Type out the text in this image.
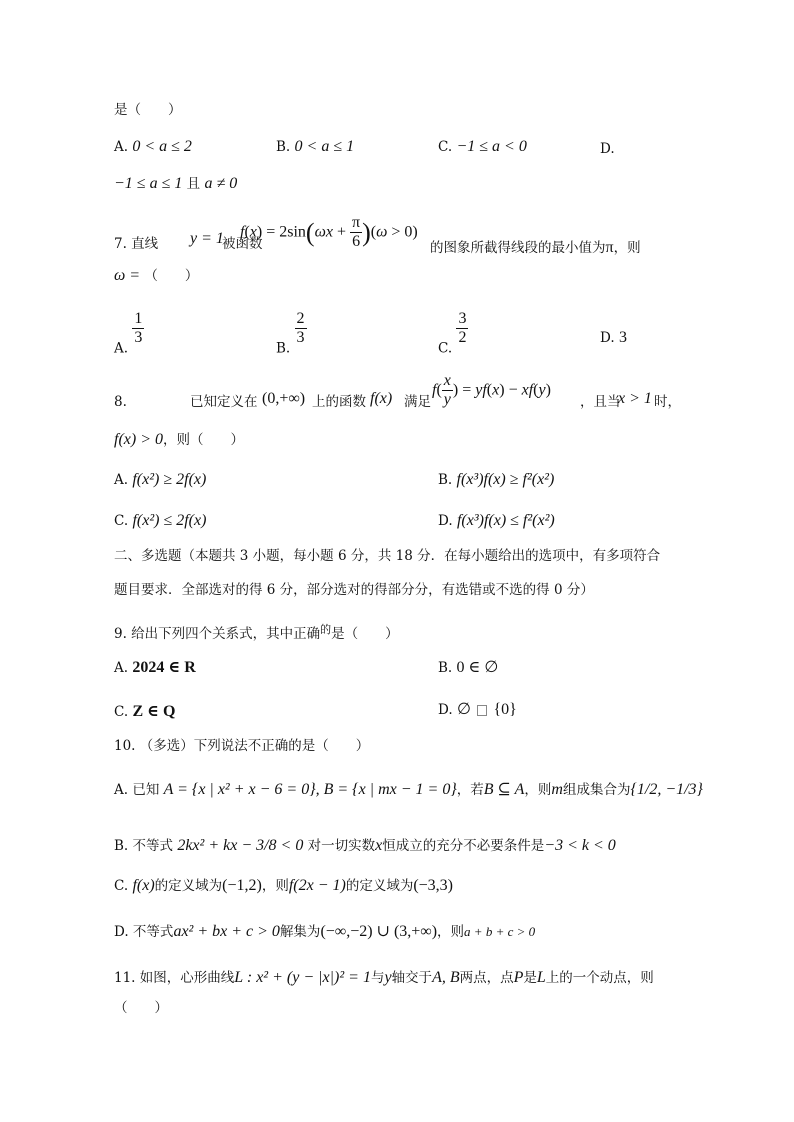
是（　　）
A. 0 < a ≤ 2	B. 0 < a ≤ 1	C. −1 ≤ a < 0	D.
−1 ≤ a ≤ 1 且 a ≠ 0
7. 直线 y = 1
被函数
$f(x) = 2\sin(\omega x + \frac{\pi}{6} )(\omega > 0)$
的图象所截得线段的最小值为π，则
ω = （　　）
A.
$\frac{1}{3}$
B.
$\frac{2}{3}$
C.
$\frac{3}{2}$	D. 3
8.	已知定义在 (0,+∞) 上的函数 f(x) 满足
$f( \frac{x}{y}$ ) = yf(x) − xf(y)
，且当
x > 1 时，
f(x) > 0，则（　　）
A. f(x²) ≥ 2f(x)	B. f(x³)f(x) ≥ f²(x²)
C. f(x²) ≤ 2f(x)	D. f(x³)f(x) ≤ f²(x²)
二、多选题（本题共 3 小题，每小题 6 分，共 18 分．在每小题给出的选项中，有多项符合
题目要求．全部选对的得 6 分，部分选对的得部分分，有选错或不选的得 0 分）
9. 给出下列四个关系式，其中正确$^的$是（　　）
A. 2024 ∈ R	B. 0 ∈ ∅
C. Z ∈ Q	D. ∅ {0}
10. （多选）下列说法不正确的是（　　）
A. 已知 A = {x | x² + x − 6 = 0}, B = {x | mx − 1 = 0}，若B ⊆ A，则m组成集合为{1/2, −1/3}
B. 不等式 2kx² + kx − 3/8 < 0 对一切实数x恒成立的充分不必要条件是−3 < k < 0
C. f(x)的定义域为(−1,2)，则f(2x − 1)的定义域为(−3,3)
D. 不等式ax² + bx + c > 0解集为(−∞,−2) ∪ (3,+∞)，则a + b + c > 0
11. 如图，心形曲线L : x² + (y − |x|)² = 1与y轴交于A, B两点，点P是L上的一个动点，则
（　　）
